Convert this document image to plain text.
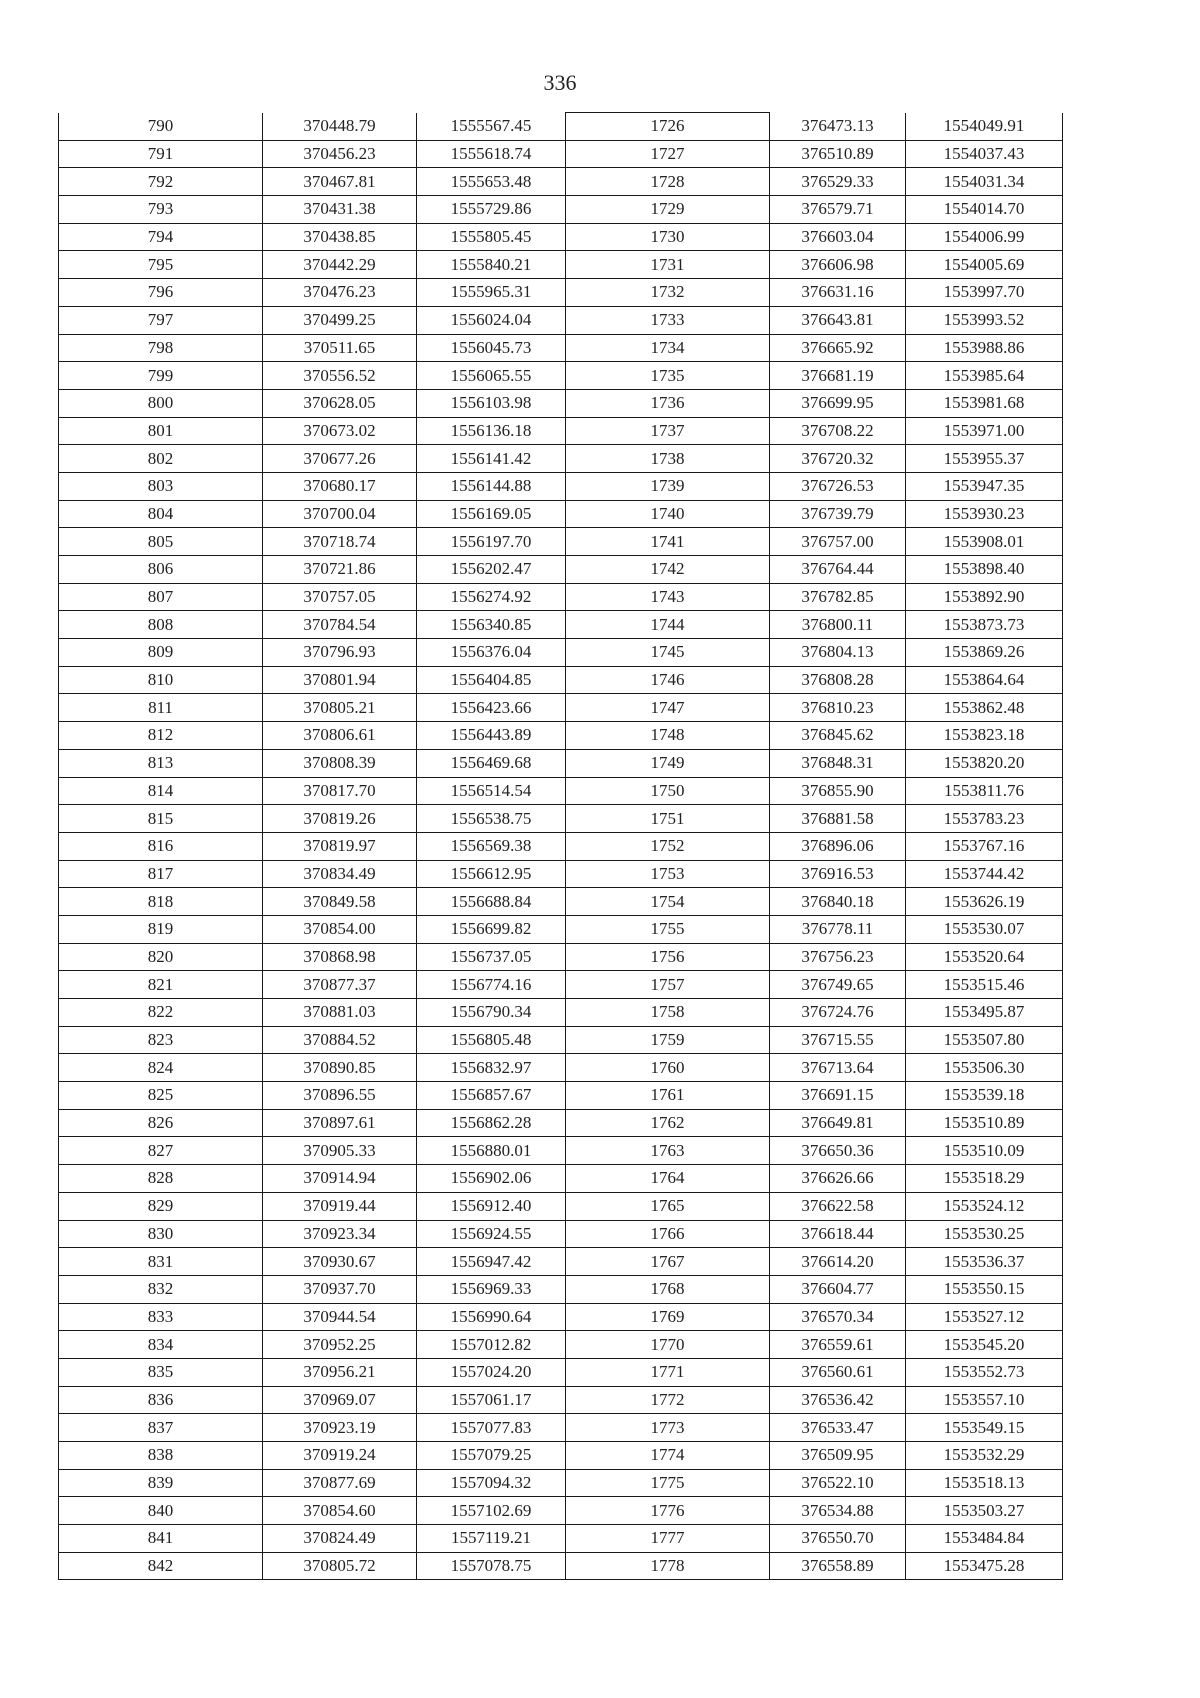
336
790	370448.79	1555567.45	1726	376473.13	1554049.91
791	370456.23	1555618.74	1727	376510.89	1554037.43
792	370467.81	1555653.48	1728	376529.33	1554031.34
793	370431.38	1555729.86	1729	376579.71	1554014.70
794	370438.85	1555805.45	1730	376603.04	1554006.99
795	370442.29	1555840.21	1731	376606.98	1554005.69
796	370476.23	1555965.31	1732	376631.16	1553997.70
797	370499.25	1556024.04	1733	376643.81	1553993.52
798	370511.65	1556045.73	1734	376665.92	1553988.86
799	370556.52	1556065.55	1735	376681.19	1553985.64
800	370628.05	1556103.98	1736	376699.95	1553981.68
801	370673.02	1556136.18	1737	376708.22	1553971.00
802	370677.26	1556141.42	1738	376720.32	1553955.37
803	370680.17	1556144.88	1739	376726.53	1553947.35
804	370700.04	1556169.05	1740	376739.79	1553930.23
805	370718.74	1556197.70	1741	376757.00	1553908.01
806	370721.86	1556202.47	1742	376764.44	1553898.40
807	370757.05	1556274.92	1743	376782.85	1553892.90
808	370784.54	1556340.85	1744	376800.11	1553873.73
809	370796.93	1556376.04	1745	376804.13	1553869.26
810	370801.94	1556404.85	1746	376808.28	1553864.64
811	370805.21	1556423.66	1747	376810.23	1553862.48
812	370806.61	1556443.89	1748	376845.62	1553823.18
813	370808.39	1556469.68	1749	376848.31	1553820.20
814	370817.70	1556514.54	1750	376855.90	1553811.76
815	370819.26	1556538.75	1751	376881.58	1553783.23
816	370819.97	1556569.38	1752	376896.06	1553767.16
817	370834.49	1556612.95	1753	376916.53	1553744.42
818	370849.58	1556688.84	1754	376840.18	1553626.19
819	370854.00	1556699.82	1755	376778.11	1553530.07
820	370868.98	1556737.05	1756	376756.23	1553520.64
821	370877.37	1556774.16	1757	376749.65	1553515.46
822	370881.03	1556790.34	1758	376724.76	1553495.87
823	370884.52	1556805.48	1759	376715.55	1553507.80
824	370890.85	1556832.97	1760	376713.64	1553506.30
825	370896.55	1556857.67	1761	376691.15	1553539.18
826	370897.61	1556862.28	1762	376649.81	1553510.89
827	370905.33	1556880.01	1763	376650.36	1553510.09
828	370914.94	1556902.06	1764	376626.66	1553518.29
829	370919.44	1556912.40	1765	376622.58	1553524.12
830	370923.34	1556924.55	1766	376618.44	1553530.25
831	370930.67	1556947.42	1767	376614.20	1553536.37
832	370937.70	1556969.33	1768	376604.77	1553550.15
833	370944.54	1556990.64	1769	376570.34	1553527.12
834	370952.25	1557012.82	1770	376559.61	1553545.20
835	370956.21	1557024.20	1771	376560.61	1553552.73
836	370969.07	1557061.17	1772	376536.42	1553557.10
837	370923.19	1557077.83	1773	376533.47	1553549.15
838	370919.24	1557079.25	1774	376509.95	1553532.29
839	370877.69	1557094.32	1775	376522.10	1553518.13
840	370854.60	1557102.69	1776	376534.88	1553503.27
841	370824.49	1557119.21	1777	376550.70	1553484.84
842	370805.72	1557078.75	1778	376558.89	1553475.28
